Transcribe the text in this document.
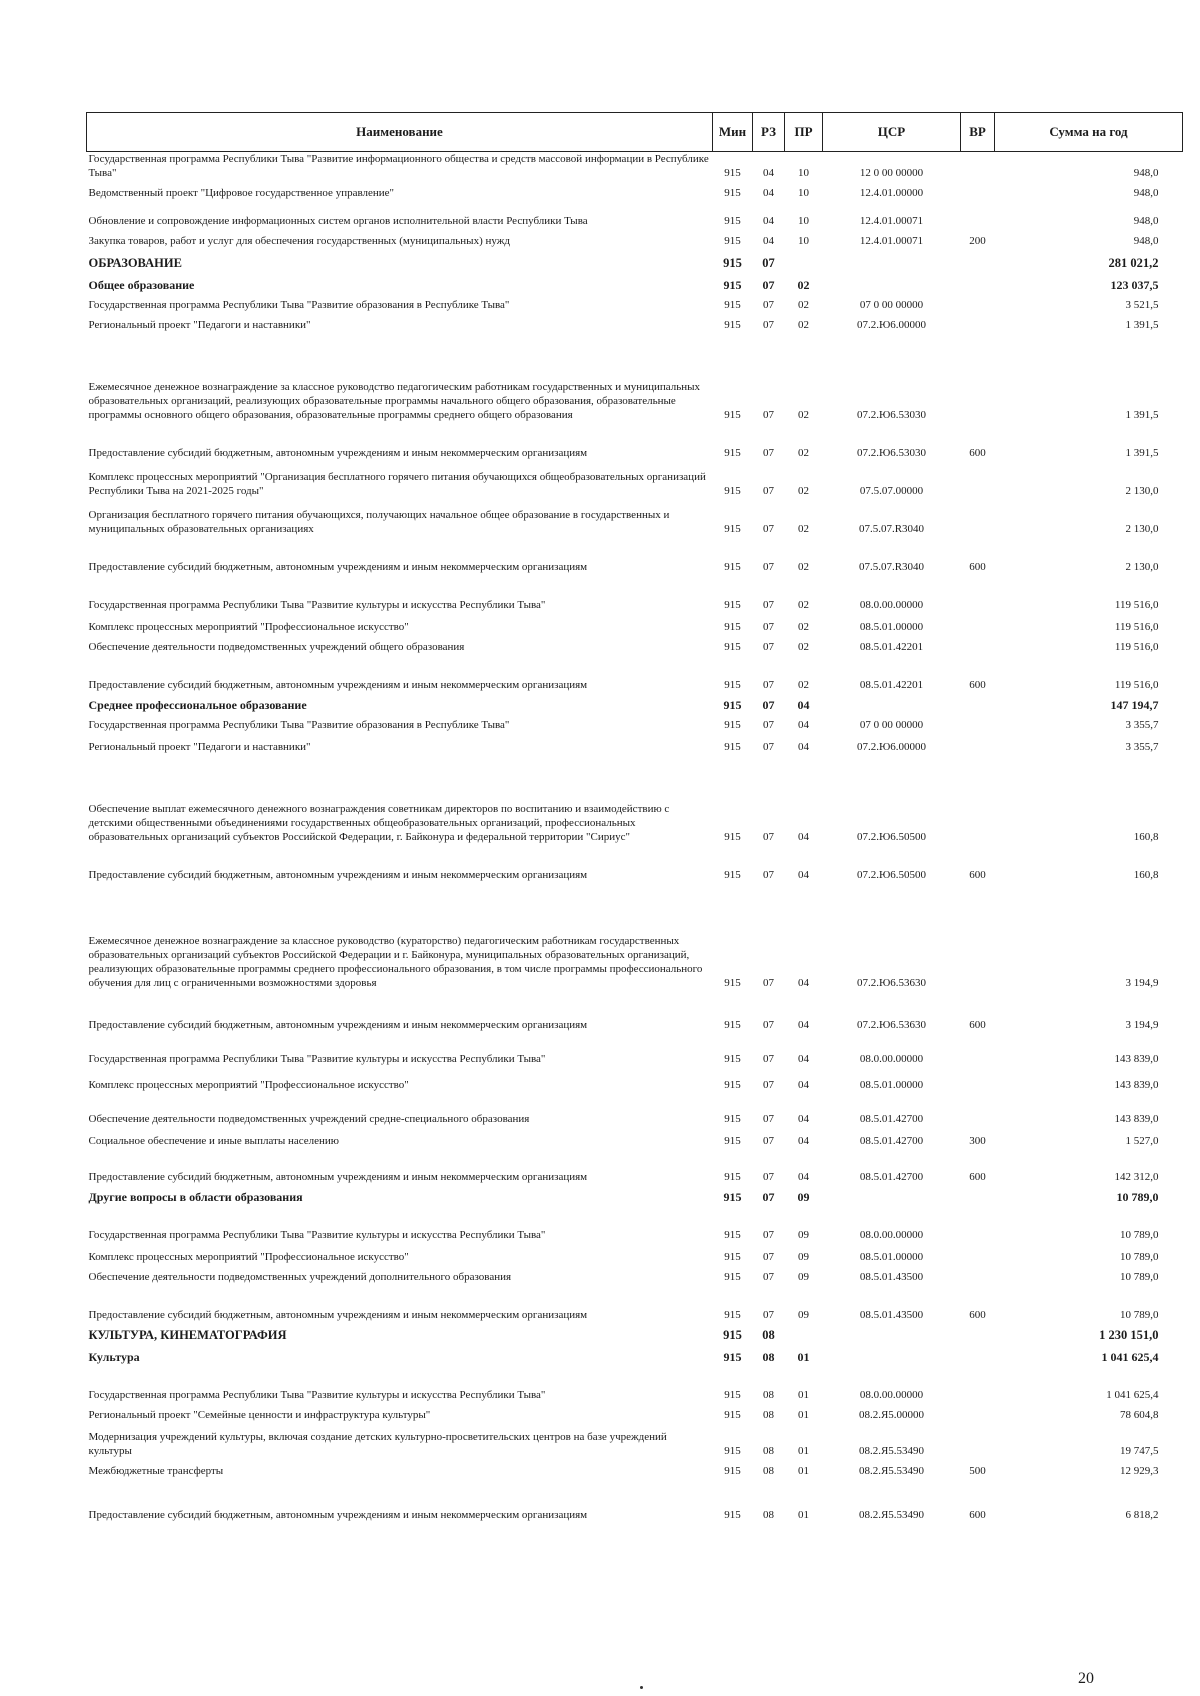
Наименование	Мин	РЗ	ПР	ЦСР	ВР	Сумма на год
Государственная программа Республики Тыва "Развитие информационного общества и средств массовой информации в Республике Тыва"	915	04	10	12 0 00 00000		948,0
Ведомственный проект "Цифровое государственное управление"	915	04	10	12.4.01.00000		948,0
Обновление и сопровождение информационных систем органов исполнительной власти Республики Тыва	915	04	10	12.4.01.00071		948,0
Закупка товаров, работ и услуг для обеспечения государственных (муниципальных) нужд	915	04	10	12.4.01.00071	200	948,0
ОБРАЗОВАНИЕ	915	07				281 021,2
Общее образование	915	07	02			123 037,5
Государственная программа Республики Тыва "Развитие образования в Республике Тыва"	915	07	02	07 0 00 00000		3 521,5
Региональный проект "Педагоги и наставники"	915	07	02	07.2.Ю6.00000		1 391,5
Ежемесячное денежное вознаграждение за классное руководство педагогическим работникам государственных и муниципальных образовательных организаций, реализующих образовательные программы начального общего образования, образовательные программы основного общего образования, образовательные программы среднего общего образования	915	07	02	07.2.Ю6.53030		1 391,5
Предоставление субсидий бюджетным, автономным учреждениям и иным некоммерческим организациям	915	07	02	07.2.Ю6.53030	600	1 391,5
Комплекс процессных мероприятий "Организация бесплатного горячего питания обучающихся общеобразовательных организаций Республики Тыва на 2021-2025 годы"	915	07	02	07.5.07.00000		2 130,0
Организация бесплатного горячего питания обучающихся, получающих начальное общее образование в государственных и муниципальных образовательных организациях	915	07	02	07.5.07.R3040		2 130,0
Предоставление субсидий бюджетным, автономным учреждениям и иным некоммерческим организациям	915	07	02	07.5.07.R3040	600	2 130,0
Государственная программа Республики Тыва "Развитие культуры и искусства Республики Тыва"	915	07	02	08.0.00.00000		119 516,0
Комплекс процессных мероприятий "Профессиональное искусство"	915	07	02	08.5.01.00000		119 516,0
Обеспечение деятельности подведомственных учреждений общего образования	915	07	02	08.5.01.42201		119 516,0
Предоставление субсидий бюджетным, автономным учреждениям и иным некоммерческим организациям	915	07	02	08.5.01.42201	600	119 516,0
Среднее профессиональное образование	915	07	04			147 194,7
Государственная программа Республики Тыва "Развитие образования в Республике Тыва"	915	07	04	07 0 00 00000		3 355,7
Региональный проект "Педагоги и наставники"	915	07	04	07.2.Ю6.00000		3 355,7
Обеспечение выплат ежемесячного денежного вознаграждения советникам директоров по воспитанию и взаимодействию с детскими общественными объединениями государственных общеобразовательных организаций, профессиональных образовательных организаций субъектов Российской Федерации, г. Байконура и федеральной территории "Сириус"	915	07	04	07.2.Ю6.50500		160,8
Предоставление субсидий бюджетным, автономным учреждениям и иным некоммерческим организациям	915	07	04	07.2.Ю6.50500	600	160,8
Ежемесячное денежное вознаграждение за классное руководство (кураторство) педагогическим работникам государственных образовательных организаций субъектов Российской Федерации и г. Байконура, муниципальных образовательных организаций, реализующих образовательные программы среднего профессионального образования, в том числе программы профессионального обучения для лиц с ограниченными возможностями здоровья	915	07	04	07.2.Ю6.53630		3 194,9
Предоставление субсидий бюджетным, автономным учреждениям и иным некоммерческим организациям	915	07	04	07.2.Ю6.53630	600	3 194,9
Государственная программа Республики Тыва "Развитие культуры и искусства Республики Тыва"	915	07	04	08.0.00.00000		143 839,0
Комплекс процессных мероприятий "Профессиональное искусство"	915	07	04	08.5.01.00000		143 839,0
Обеспечение деятельности подведомственных учреждений средне-специального образования	915	07	04	08.5.01.42700		143 839,0
Социальное обеспечение и иные выплаты населению	915	07	04	08.5.01.42700	300	1 527,0
Предоставление субсидий бюджетным, автономным учреждениям и иным некоммерческим организациям	915	07	04	08.5.01.42700	600	142 312,0
Другие вопросы в области образования	915	07	09			10 789,0
Государственная программа Республики Тыва "Развитие культуры и искусства Республики Тыва"	915	07	09	08.0.00.00000		10 789,0
Комплекс процессных мероприятий "Профессиональное искусство"	915	07	09	08.5.01.00000		10 789,0
Обеспечение деятельности подведомственных учреждений дополнительного образования	915	07	09	08.5.01.43500		10 789,0
Предоставление субсидий бюджетным, автономным учреждениям и иным некоммерческим организациям	915	07	09	08.5.01.43500	600	10 789,0
КУЛЬТУРА, КИНЕМАТОГРАФИЯ	915	08				1 230 151,0
Культура	915	08	01			1 041 625,4
Государственная программа Республики Тыва "Развитие культуры и искусства Республики Тыва"	915	08	01	08.0.00.00000		1 041 625,4
Региональный проект "Семейные ценности и инфраструктура культуры"	915	08	01	08.2.Я5.00000		78 604,8
Модернизация учреждений культуры, включая создание детских культурно-просветительских центров на базе учреждений культуры	915	08	01	08.2.Я5.53490		19 747,5
Межбюджетные трансферты	915	08	01	08.2.Я5.53490	500	12 929,3
Предоставление субсидий бюджетным, автономным учреждениям и иным некоммерческим организациям	915	08	01	08.2.Я5.53490	600	6 818,2
20
